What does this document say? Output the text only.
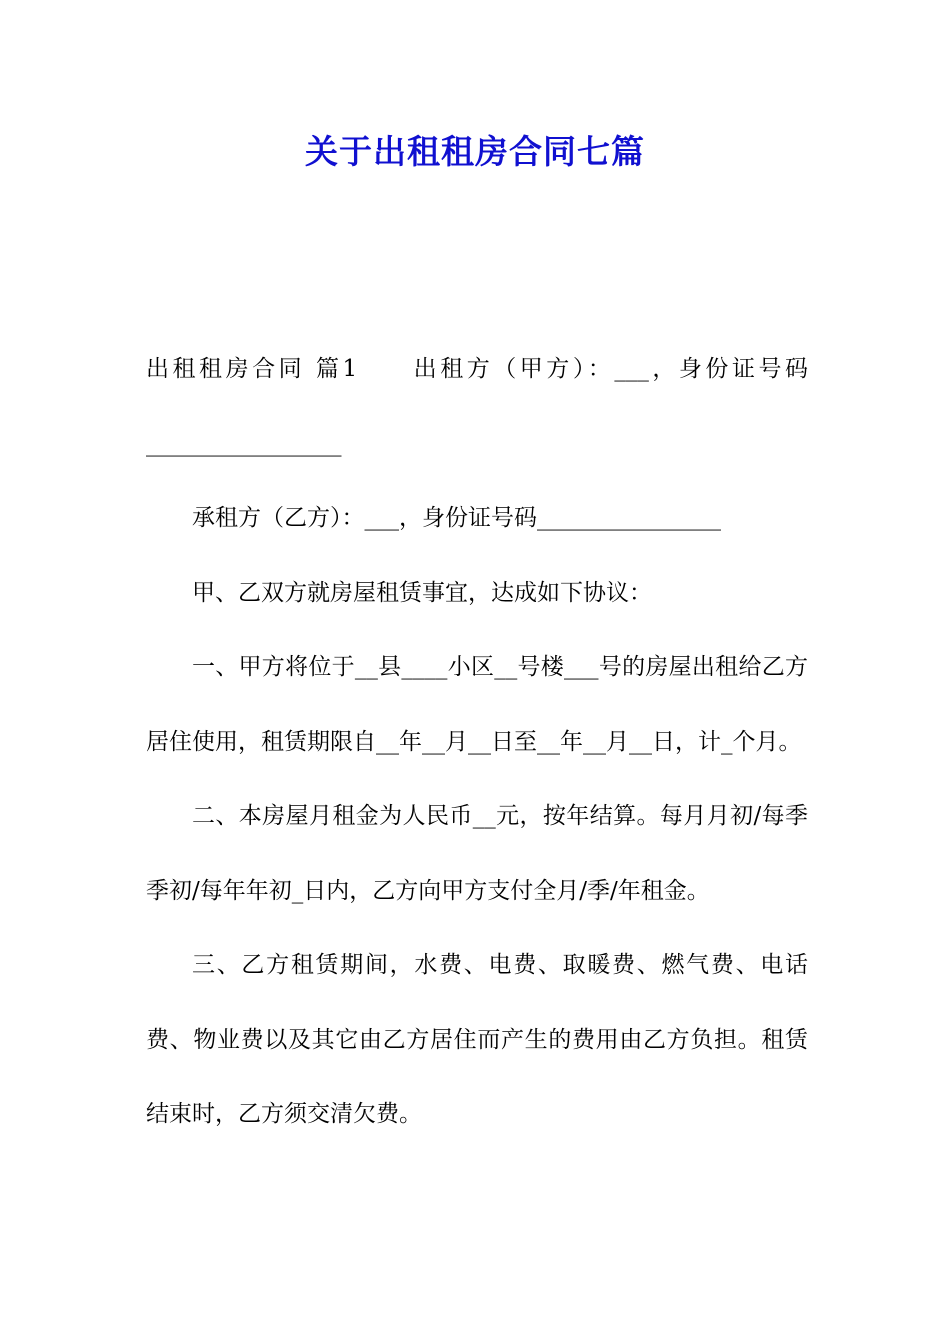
关于出租租房合同七篇

出租租房合同 篇1　　出租方（甲方）：___，身份证号码_________________

承租方（乙方）：___，身份证号码________________

甲、乙双方就房屋租赁事宜，达成如下协议：

一、甲方将位于__县____小区__号楼___号的房屋出租给乙方居住使用，租赁期限自__年__月__日至__年__月__日，计_个月。

二、本房屋月租金为人民币__元，按年结算。每月月初/每季季初/每年年初_日内，乙方向甲方支付全月/季/年租金。

三、乙方租赁期间，水费、电费、取暖费、燃气费、电话费、物业费以及其它由乙方居住而产生的费用由乙方负担。租赁结束时，乙方须交清欠费。
